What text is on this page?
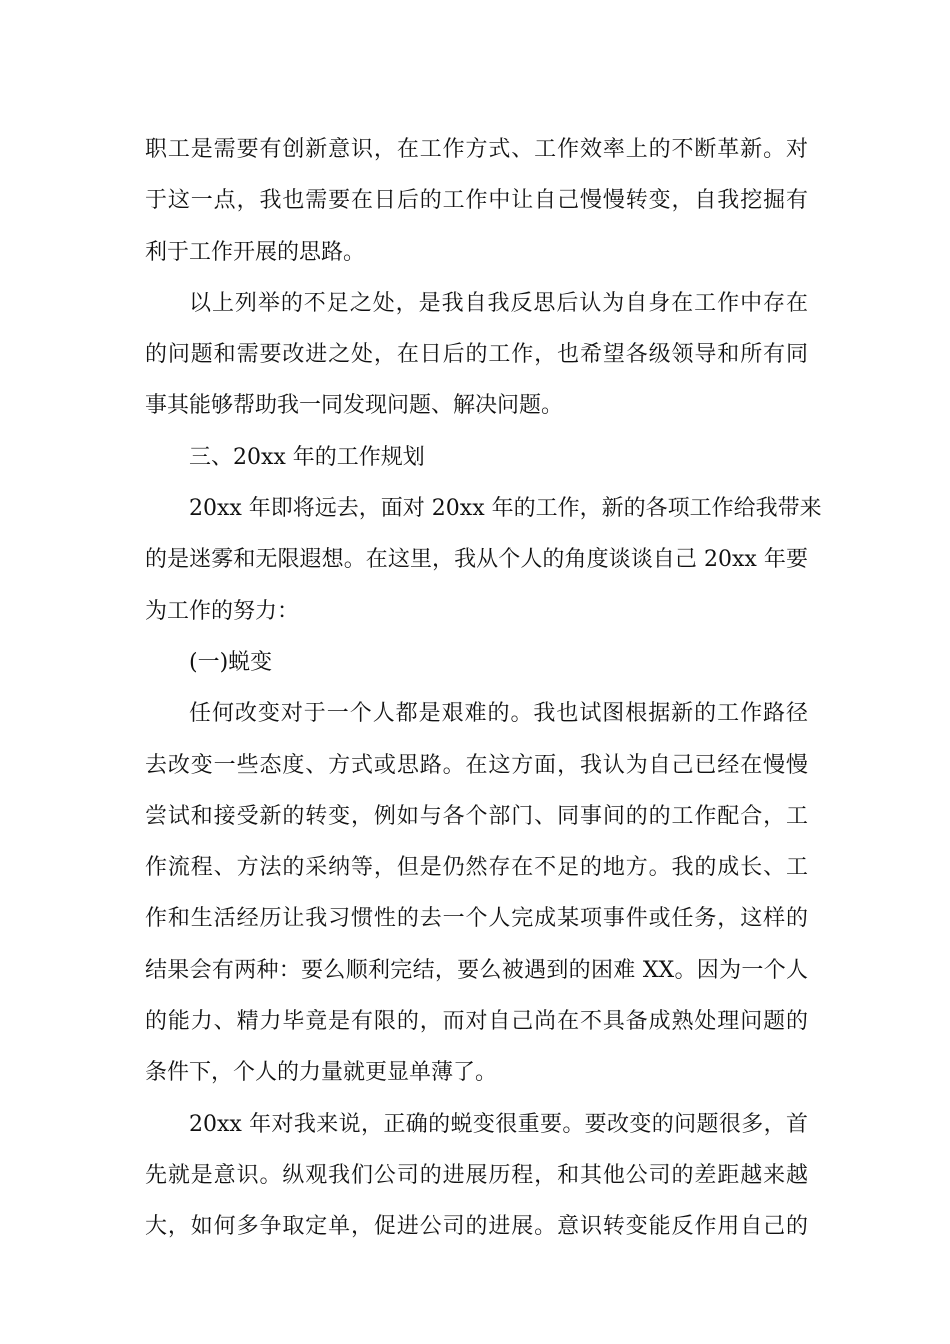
职工是需要有创新意识，在工作方式、工作效率上的不断革新。对
于这一点，我也需要在日后的工作中让自己慢慢转变，自我挖掘有
利于工作开展的思路。

以上列举的不足之处，是我自我反思后认为自身在工作中存在
的问题和需要改进之处，在日后的工作，也希望各级领导和所有同
事其能够帮助我一同发现问题、解决问题。

三、20xx 年的工作规划

20xx 年即将远去，面对 20xx 年的工作，新的各项工作给我带来
的是迷雾和无限遐想。在这里，我从个人的角度谈谈自己 20xx 年要
为工作的努力：

(一)蜕变

任何改变对于一个人都是艰难的。我也试图根据新的工作路径
去改变一些态度、方式或思路。在这方面，我认为自己已经在慢慢
尝试和接受新的转变，例如与各个部门、同事间的的工作配合，工
作流程、方法的采纳等，但是仍然存在不足的地方。我的成长、工
作和生活经历让我习惯性的去一个人完成某项事件或任务，这样的
结果会有两种：要么顺利完结，要么被遇到的困难 XX。因为一个人
的能力、精力毕竟是有限的，而对自己尚在不具备成熟处理问题的
条件下，个人的力量就更显单薄了。

20xx 年对我来说，正确的蜕变很重要。要改变的问题很多，首
先就是意识。纵观我们公司的进展历程，和其他公司的差距越来越
大，如何多争取定单，促进公司的进展。意识转变能反作用自己的
